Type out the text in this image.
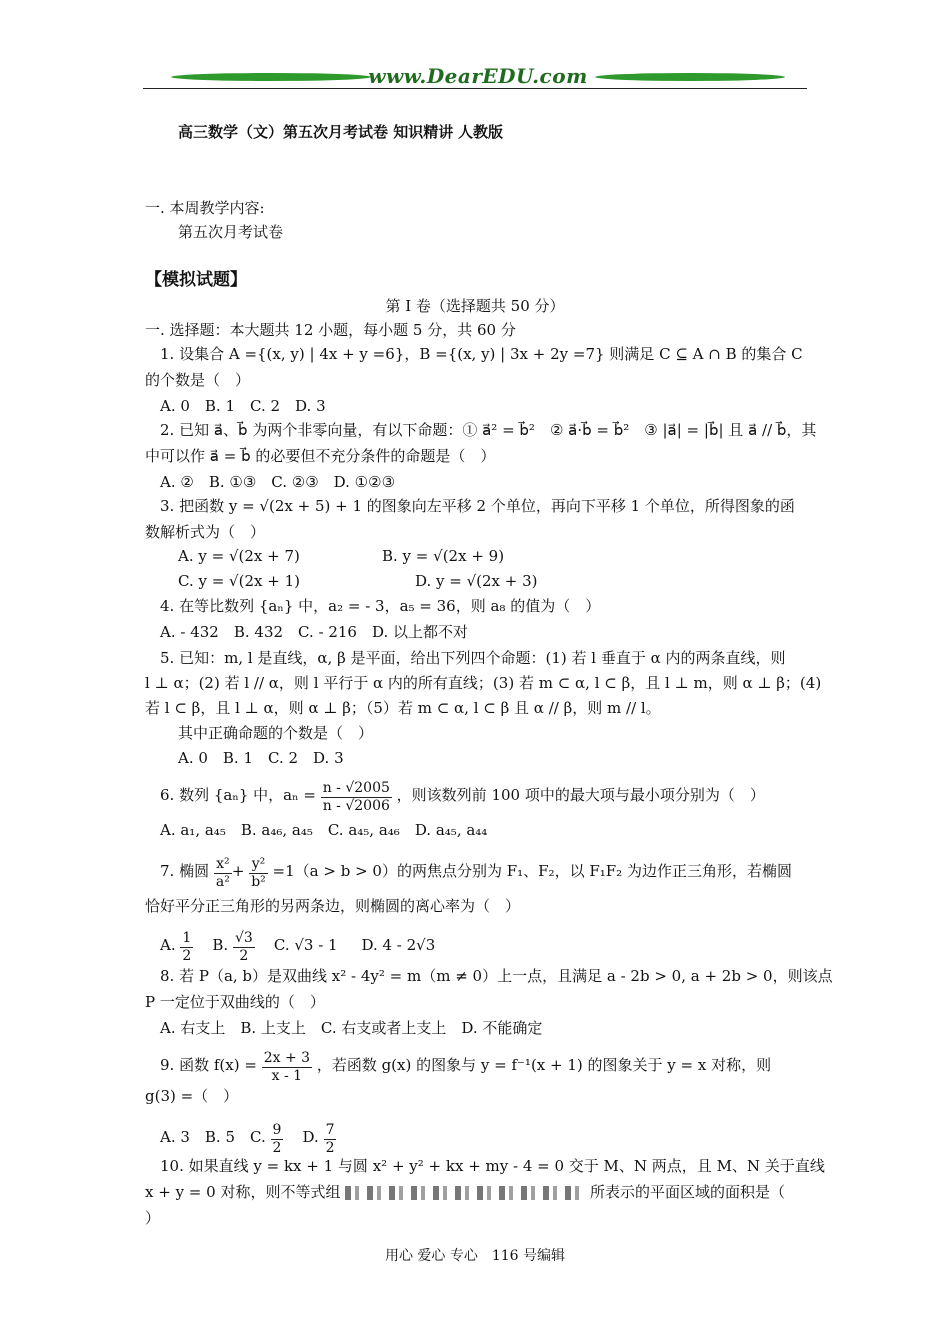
www.DearEDU.com
高三数学（文）第五次月考试卷 知识精讲 人教版
一. 本周教学内容:
第五次月考试卷
【模拟试题】
第 I 卷（选择题共 50 分）
一. 选择题：本大题共 12 小题，每小题 5 分，共 60 分
1. 设集合 A ={(x, y) | 4x + y =6}，B ={(x, y) | 3x + 2y =7} 则满足 C ⊆ A ∩ B 的集合 C
的个数是（　）
A. 0　B. 1　C. 2　D. 3
2. 已知 a⃗、b⃗ 为两个非零向量，有以下命题：① a⃗² = b⃗²　② a⃗·b⃗ = b⃗²　③ |a⃗| = |b⃗| 且 a⃗ // b⃗，其
中可以作 a⃗ = b⃗ 的必要但不充分条件的命题是（　）
A. ②　B. ①③　C. ②③　D. ①②③
3. 把函数 y = √(2x + 5) + 1 的图象向左平移 2 个单位，再向下平移 1 个单位，所得图象的函
数解析式为（　）
A. y = √(2x + 7)	B. y = √(2x + 9)
C. y = √(2x + 1)	D. y = √(2x + 3)
4. 在等比数列 {aₙ} 中，a₂ = - 3，a₅ = 36，则 a₈ 的值为（　）
A. - 432　B. 432　C. - 216　D. 以上都不对
5. 已知：m, l 是直线，α, β 是平面，给出下列四个命题：(1) 若 l 垂直于 α 内的两条直线，则
l ⊥ α；(2) 若 l // α，则 l 平行于 α 内的所有直线；(3) 若 m ⊂ α, l ⊂ β，且 l ⊥ m，则 α ⊥ β；(4)
若 l ⊂ β，且 l ⊥ α，则 α ⊥ β；（5）若 m ⊂ α, l ⊂ β 且 α // β，则 m // l。
其中正确命题的个数是（　）
A. 0　B. 1　C. 2　D. 3
6. 数列 {aₙ} 中，$a_n = \frac{n - √2005}{n - √2006}$ ，则该数列前 100 项中的最大项与最小项分别为（　）
A. a₁, a₄₅　B. a₄₆, a₄₅　C. a₄₅, a₄₆　D. a₄₅, a₄₄
7. 椭圆 $\frac{\text{x²}}{\text{a²}} + \frac{\text{y²}}{\text{b²}} =1(a > b > 0)$的两焦点分别为 F₁、F₂，以 F₁F₂ 为边作正三角形，若椭圆
恰好平分正三角形的另两条边，则椭圆的离心率为（　）
A. $\frac{1}{2} B$. $\frac{√3}{2} C$. √3 - 1 D. 4 - 2√3
8. 若 P（a, b）是双曲线 x² - 4y² = m（m ≠ 0）上一点，且满足 a - 2b > 0, a + 2b > 0，则该点
P 一定位于双曲线的（　）
A. 右支上　B. 上支上　C. 右支或者上支上　D. 不能确定
9. 函数 $f(x) = \frac{2x + 3}{x - 1}$ ，若函数 g(x) 的图象与 y = f⁻¹(x + 1) 的图象关于 y = x 对称，则
g(3) =（　）
A. 3　B. 5　C. $\frac{9}{2} D$. $\frac{7}{2}$
10. 如果直线 y = kx + 1 与圆 x² + y² + kx + my - 4 = 0 交于 M、N 两点，且 M、N 关于直线
x + y = 0 对称，则不等式组	所表示的平面区域的面积是（
）
用心 爱心 专心　116 号编辑
